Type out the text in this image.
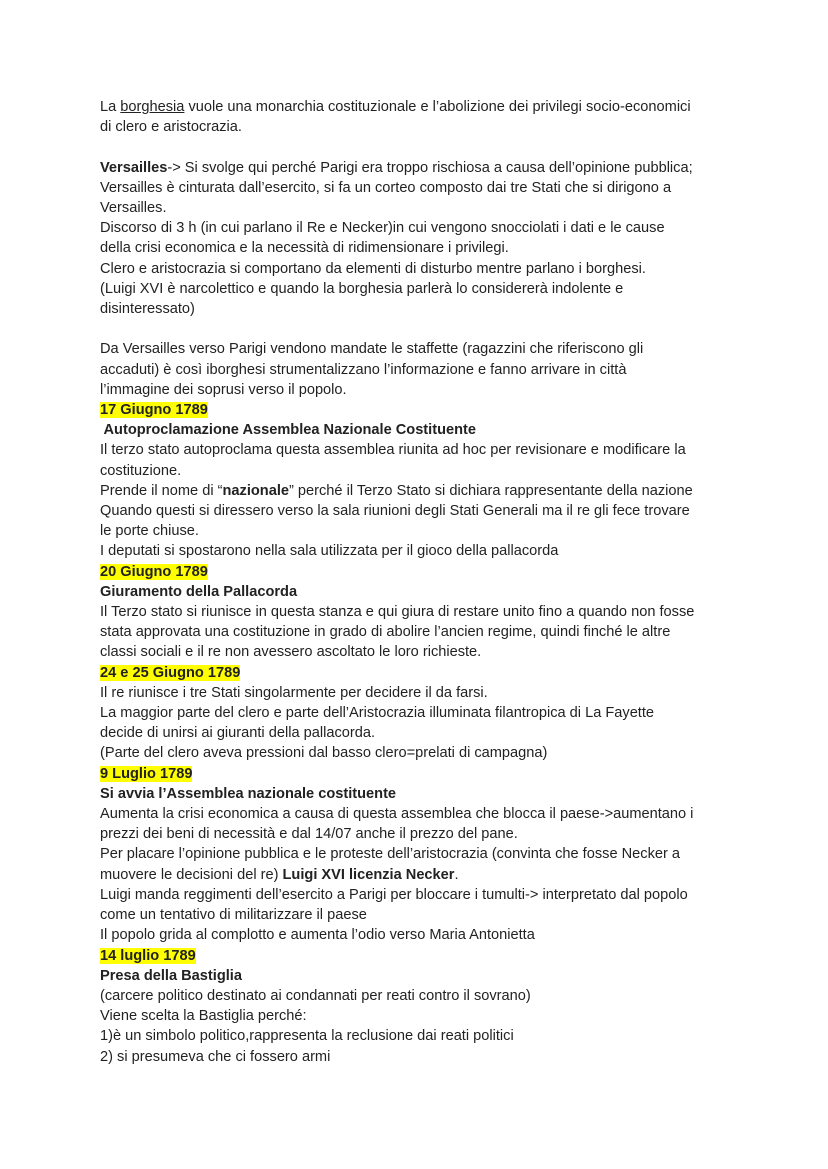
La borghesia vuole una monarchia costituzionale e l’abolizione dei privilegi socio-economici
di clero e aristocrazia.
Versailles-> Si svolge qui perché Parigi era troppo rischiosa a causa dell’opinione pubblica;
Versailles è cinturata dall’esercito, si fa un corteo composto dai tre Stati che si dirigono a
Versailles.
Discorso di 3 h (in cui parlano il Re e Necker)in cui vengono snocciolati i dati e le cause
della crisi economica e la necessità di ridimensionare i privilegi.
Clero e aristocrazia si comportano da elementi di disturbo mentre parlano i borghesi.
(Luigi XVI è narcolettico e quando la borghesia parlerà lo considererà indolente e
disinteressato)
Da Versailles verso Parigi vendono mandate le staffette (ragazzini che riferiscono gli
accaduti) è così iborghesi strumentalizzano l’informazione e fanno arrivare in città
l’immagine dei soprusi verso il popolo.
17 Giugno 1789
Autoproclamazione Assemblea Nazionale Costituente
Il terzo stato autoproclama questa assemblea riunita ad hoc per revisionare e modificare la
costituzione.
Prende il nome di “nazionale” perché il Terzo Stato si dichiara rappresentante della nazione
Quando questi si diressero verso la sala riunioni degli Stati Generali ma il re gli fece trovare
le porte chiuse.
I deputati si spostarono nella sala utilizzata per il gioco della pallacorda
20 Giugno 1789
Giuramento della Pallacorda
Il Terzo stato si riunisce in questa stanza e qui giura di restare unito fino a quando non fosse
stata approvata una costituzione in grado di abolire l’ancien regime, quindi finché le altre
classi sociali e il re non avessero ascoltato le loro richieste.
24 e 25 Giugno 1789
Il re riunisce i tre Stati singolarmente per decidere il da farsi.
La maggior parte del clero e parte dell’Aristocrazia illuminata filantropica di La Fayette
decide di unirsi ai giuranti della pallacorda.
(Parte del clero aveva pressioni dal basso clero=prelati di campagna)
9 Luglio 1789
Si avvia l’Assemblea nazionale costituente
Aumenta la crisi economica a causa di questa assemblea che blocca il paese->aumentano i
prezzi dei beni di necessità e dal 14/07 anche il prezzo del pane.
Per placare l’opinione pubblica e le proteste dell’aristocrazia (convinta che fosse Necker a
muovere le decisioni del re) Luigi XVI licenzia Necker.
Luigi manda reggimenti dell’esercito a Parigi per bloccare i tumulti-> interpretato dal popolo
come un tentativo di militarizzare il paese
Il popolo grida al complotto e aumenta l’odio verso Maria Antonietta
14 luglio 1789
Presa della Bastiglia
(carcere politico destinato ai condannati per reati contro il sovrano)
Viene scelta la Bastiglia perché:
1)è un simbolo politico,rappresenta la reclusione dai reati politici
2) si presumeva che ci fossero armi
